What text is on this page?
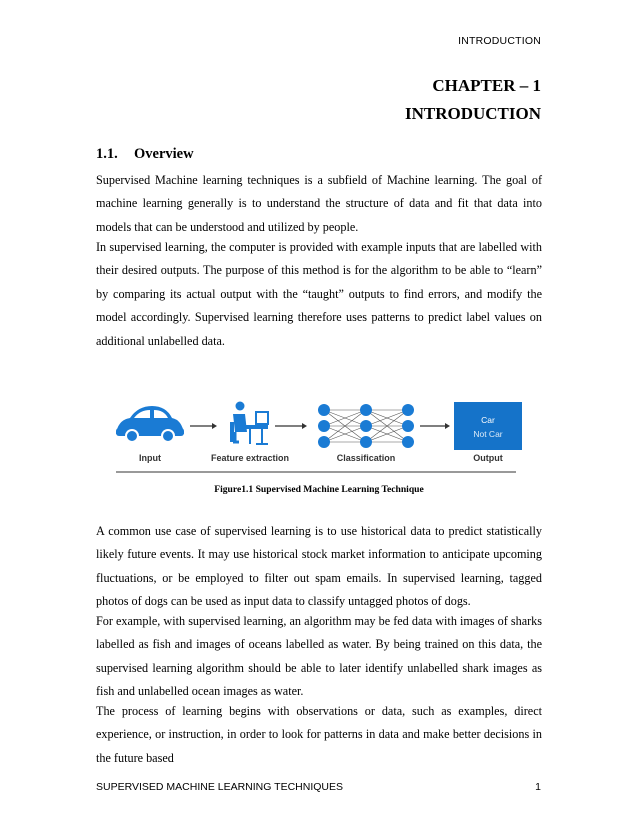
INTRODUCTION
CHAPTER – 1
INTRODUCTION
1.1. Overview
Supervised Machine learning techniques is a subfield of Machine learning. The goal of machine learning generally is to understand the structure of data and fit that data into models that can be understood and utilized by people.
In supervised learning, the computer is provided with example inputs that are labelled with their desired outputs. The purpose of this method is for the algorithm to be able to “learn” by comparing its actual output with the “taught” outputs to find errors, and modify the model accordingly. Supervised learning therefore uses patterns to predict label values on additional unlabelled data.
Car
Not Car
Input	Feature extraction	Classification	Output
Figure1.1 Supervised Machine Learning Technique
A common use case of supervised learning is to use historical data to predict statistically likely future events. It may use historical stock market information to anticipate upcoming fluctuations, or be employed to filter out spam emails. In supervised learning, tagged photos of dogs can be used as input data to classify untagged photos of dogs.
For example, with supervised learning, an algorithm may be fed data with images of sharks labelled as fish and images of oceans labelled as water. By being trained on this data, the supervised learning algorithm should be able to later identify unlabelled shark images as fish and unlabelled ocean images as water.
The process of learning begins with observations or data, such as examples, direct experience, or instruction, in order to look for patterns in data and make better decisions in the future based
SUPERVISED MACHINE LEARNING TECHNIQUES	1
